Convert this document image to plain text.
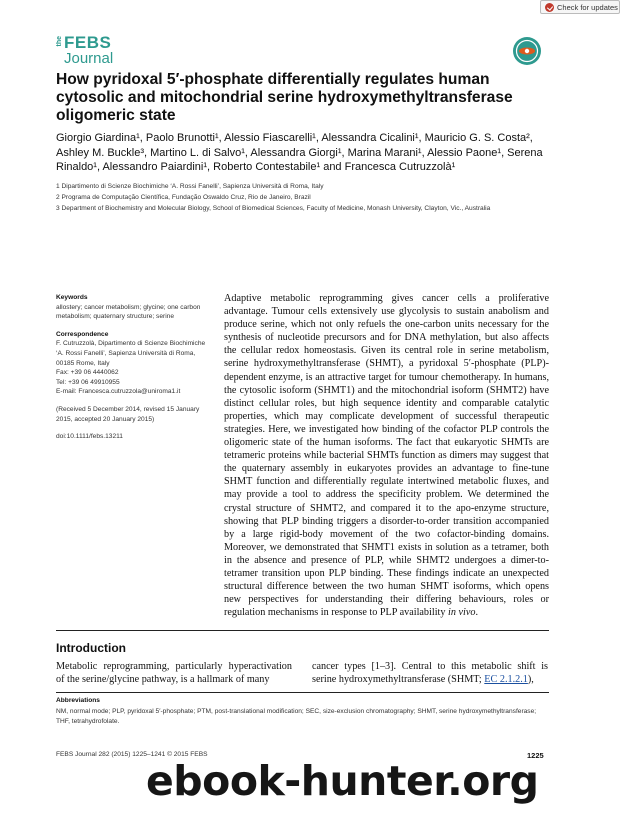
Check for updates
the FEBS
Journal
How pyridoxal 5′-phosphate differentially regulates human cytosolic and mitochondrial serine hydroxymethyltransferase oligomeric state

Giorgio Giardina¹, Paolo Brunotti¹, Alessio Fiascarelli¹, Alessandra Cicalini¹, Mauricio G. S. Costa², Ashley M. Buckle³, Martino L. di Salvo¹, Alessandra Giorgi¹, Marina Marani¹, Alessio Paone¹, Serena Rinaldo¹, Alessandro Paiardini¹, Roberto Contestabile¹ and Francesca Cutruzzolà¹

1 Dipartimento di Scienze Biochimiche ‘A. Rossi Fanelli’, Sapienza Università di Roma, Italy
2 Programa de Computação Científica, Fundação Oswaldo Cruz, Rio de Janeiro, Brazil
3 Department of Biochemistry and Molecular Biology, School of Biomedical Sciences, Faculty of Medicine, Monash University, Clayton, Vic., Australia
Keywords
allostery; cancer metabolism; glycine; one carbon metabolism; quaternary structure; serine
Correspondence
F. Cutruzzolà, Dipartimento di Scienze Biochimiche ‘A. Rossi Fanelli’, Sapienza Università di Roma, 00185 Rome, Italy
Fax: +39 06 4440062
Tel: +39 06 49910955
E-mail: Francesca.cutruzzola@uniroma1.it
(Received 5 December 2014, revised 15 January 2015, accepted 20 January 2015)
doi:10.1111/febs.13211

Adaptive metabolic reprogramming gives cancer cells a proliferative advantage. Tumour cells extensively use glycolysis to sustain anabolism and produce serine, which not only refuels the one-carbon units necessary for the synthesis of nucleotide precursors and for DNA methylation, but also affects the cellular redox homeostasis. Given its central role in serine metabolism, serine hydroxymethyltransferase (SHMT), a pyridoxal 5′-phosphate (PLP)-dependent enzyme, is an attractive target for tumour chemotherapy. In humans, the cytosolic isoform (SHMT1) and the mitochondrial isoform (SHMT2) have distinct cellular roles, but high sequence identity and comparable catalytic properties, which may complicate development of successful therapeutic strategies. Here, we investigated how binding of the cofactor PLP controls the oligomeric state of the human isoforms. The fact that eukaryotic SHMTs are tetrameric proteins while bacterial SHMTs function as dimers may suggest that the quaternary assembly in eukaryotes provides an advantage to fine-tune SHMT function and differentially regulate intertwined metabolic fluxes, and may provide a tool to address the specificity problem. We determined the crystal structure of SHMT2, and compared it to the apo-enzyme structure, showing that PLP binding triggers a disorder-to-order transition accompanied by a large rigid-body movement of the two cofactor-binding domains. Moreover, we demonstrated that SHMT1 exists in solution as a tetramer, both in the absence and presence of PLP, while SHMT2 undergoes a dimer-to-tetramer transition upon PLP binding. These findings indicate an unexpected structural difference between the two human SHMT isoforms, which opens new perspectives for understanding their differing behaviours, roles or regulation mechanisms in response to PLP availability in vivo.

Introduction

Metabolic reprogramming, particularly hyperactivation of the serine/glycine pathway, is a hallmark of many

cancer types [1–3]. Central to this metabolic shift is serine hydroxymethyltransferase (SHMT; EC 2.1.2.1),

Abbreviations

NM, normal mode; PLP, pyridoxal 5′-phosphate; PTM, post-translational modification; SEC, size-exclusion chromatography; SHMT, serine hydroxymethyltransferase; THF, tetrahydrofolate.

FEBS Journal 282 (2015) 1225–1241 © 2015 FEBS	1225
ebook-hunter.org
